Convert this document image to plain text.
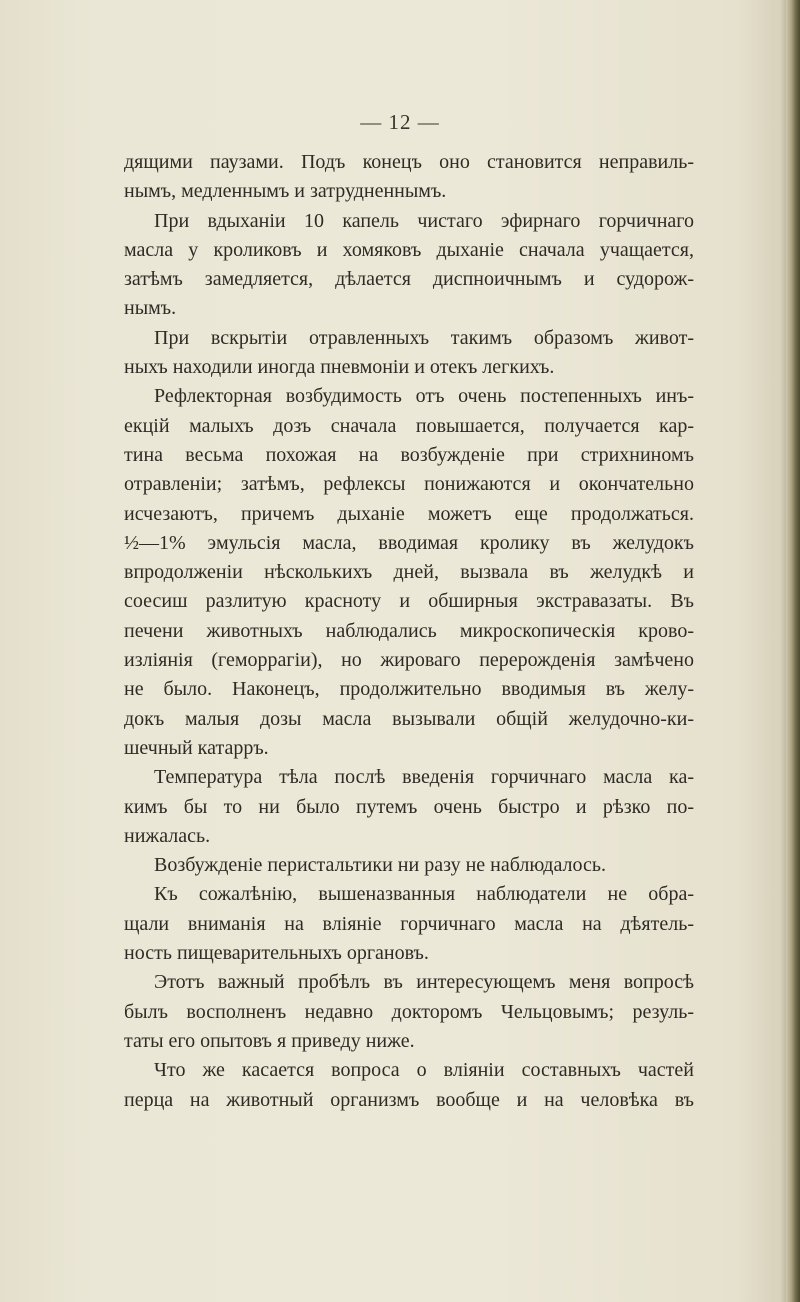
— 12 —
дящими паузами. Подъ конецъ оно становится неправиль-
нымъ, медленнымъ и затрудненнымъ.
При вдыханіи 10 капель чистаго эфирнаго горчичнаго
масла у кроликовъ и хомяковъ дыханіе сначала учащается,
затѣмъ замедляется, дѣлается диспноичнымъ и судорож-
нымъ.
При вскрытіи отравленныхъ такимъ образомъ живот-
ныхъ находили иногда пневмоніи и отекъ легкихъ.
Рефлекторная возбудимость отъ очень постепенныхъ инъ-
екцій малыхъ дозъ сначала повышается, получается кар-
тина весьма похожая на возбужденіе при стрихниномъ
отравленіи; затѣмъ, рефлексы понижаются и окончательно
исчезаютъ, причемъ дыханіе можетъ еще продолжаться.
½—1% эмульсія масла, вводимая кролику въ желудокъ
впродолженіи нѣсколькихъ дней, вызвала въ желудкѣ и
соесиш разлитую красноту и обширныя экстравазаты. Въ
печени животныхъ наблюдались микроскопическія крово-
изліянія (геморрагіи), но жироваго перерожденія замѣчено
не было. Наконецъ, продолжительно вводимыя въ желу-
докъ малыя дозы масла вызывали общій желудочно-ки-
шечный катарръ.
Температура тѣла послѣ введенія горчичнаго масла ка-
кимъ бы то ни было путемъ очень быстро и рѣзко по-
нижалась.
Возбужденіе перистальтики ни разу не наблюдалось.
Къ сожалѣнію, вышеназванныя наблюдатели не обра-
щали вниманія на вліяніе горчичнаго масла на дѣятель-
ность пищеварительныхъ органовъ.
Этотъ важный пробѣлъ въ интересующемъ меня вопросѣ
былъ восполненъ недавно докторомъ Чельцовымъ; резуль-
таты его опытовъ я приведу ниже.
Что же касается вопроса о вліяніи составныхъ частей
перца на животный организмъ вообще и на человѣка въ
